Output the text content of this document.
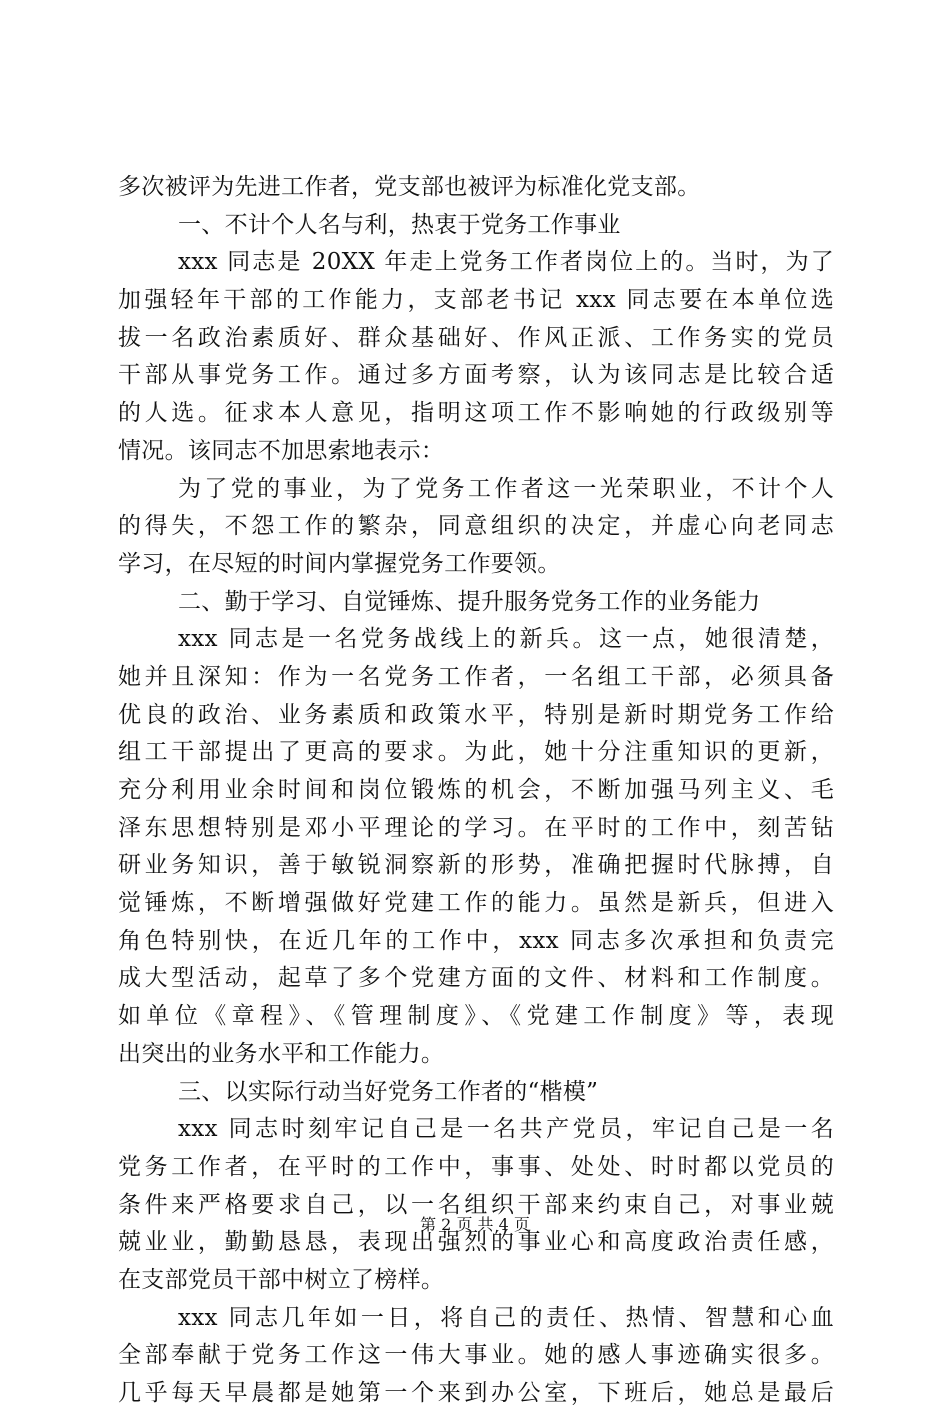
多次被评为先进工作者，党支部也被评为标准化党支部。
一、不计个人名与利，热衷于党务工作事业
xxx 同志是 20XX 年走上党务工作者岗位上的。当时，为了
加强轻年干部的工作能力，支部老书记 xxx 同志要在本单位选
拔一名政治素质好、群众基础好、作风正派、工作务实的党员
干部从事党务工作。通过多方面考察，认为该同志是比较合适
的人选。征求本人意见，指明这项工作不影响她的行政级别等
情况。该同志不加思索地表示：
为了党的事业，为了党务工作者这一光荣职业，不计个人
的得失，不怨工作的繁杂，同意组织的决定，并虚心向老同志
学习，在尽短的时间内掌握党务工作要领。
二、勤于学习、自觉锤炼、提升服务党务工作的业务能力
xxx 同志是一名党务战线上的新兵。这一点，她很清楚，
她并且深知：作为一名党务工作者，一名组工干部，必须具备
优良的政治、业务素质和政策水平，特别是新时期党务工作给
组工干部提出了更高的要求。为此，她十分注重知识的更新，
充分利用业余时间和岗位锻炼的机会，不断加强马列主义、毛
泽东思想特别是邓小平理论的学习。在平时的工作中，刻苦钻
研业务知识，善于敏锐洞察新的形势，准确把握时代脉搏，自
觉锤炼，不断增强做好党建工作的能力。虽然是新兵，但进入
角色特别快，在近几年的工作中，xxx 同志多次承担和负责完
成大型活动，起草了多个党建方面的文件、材料和工作制度。
如单位《章程》、《管理制度》、《党建工作制度》等，表现
出突出的业务水平和工作能力。
三、以实际行动当好党务工作者的“楷模”
xxx 同志时刻牢记自己是一名共产党员，牢记自己是一名
党务工作者，在平时的工作中，事事、处处、时时都以党员的
条件来严格要求自己，以一名组织干部来约束自己，对事业兢
兢业业，勤勤恳恳，表现出强烈的事业心和高度政治责任感，
在支部党员干部中树立了榜样。
xxx 同志几年如一日，将自己的责任、热情、智慧和心血
全部奉献于党务工作这一伟大事业。她的感人事迹确实很多。
几乎每天早晨都是她第一个来到办公室，下班后，她总是最后
第 2 页 共 4 页
